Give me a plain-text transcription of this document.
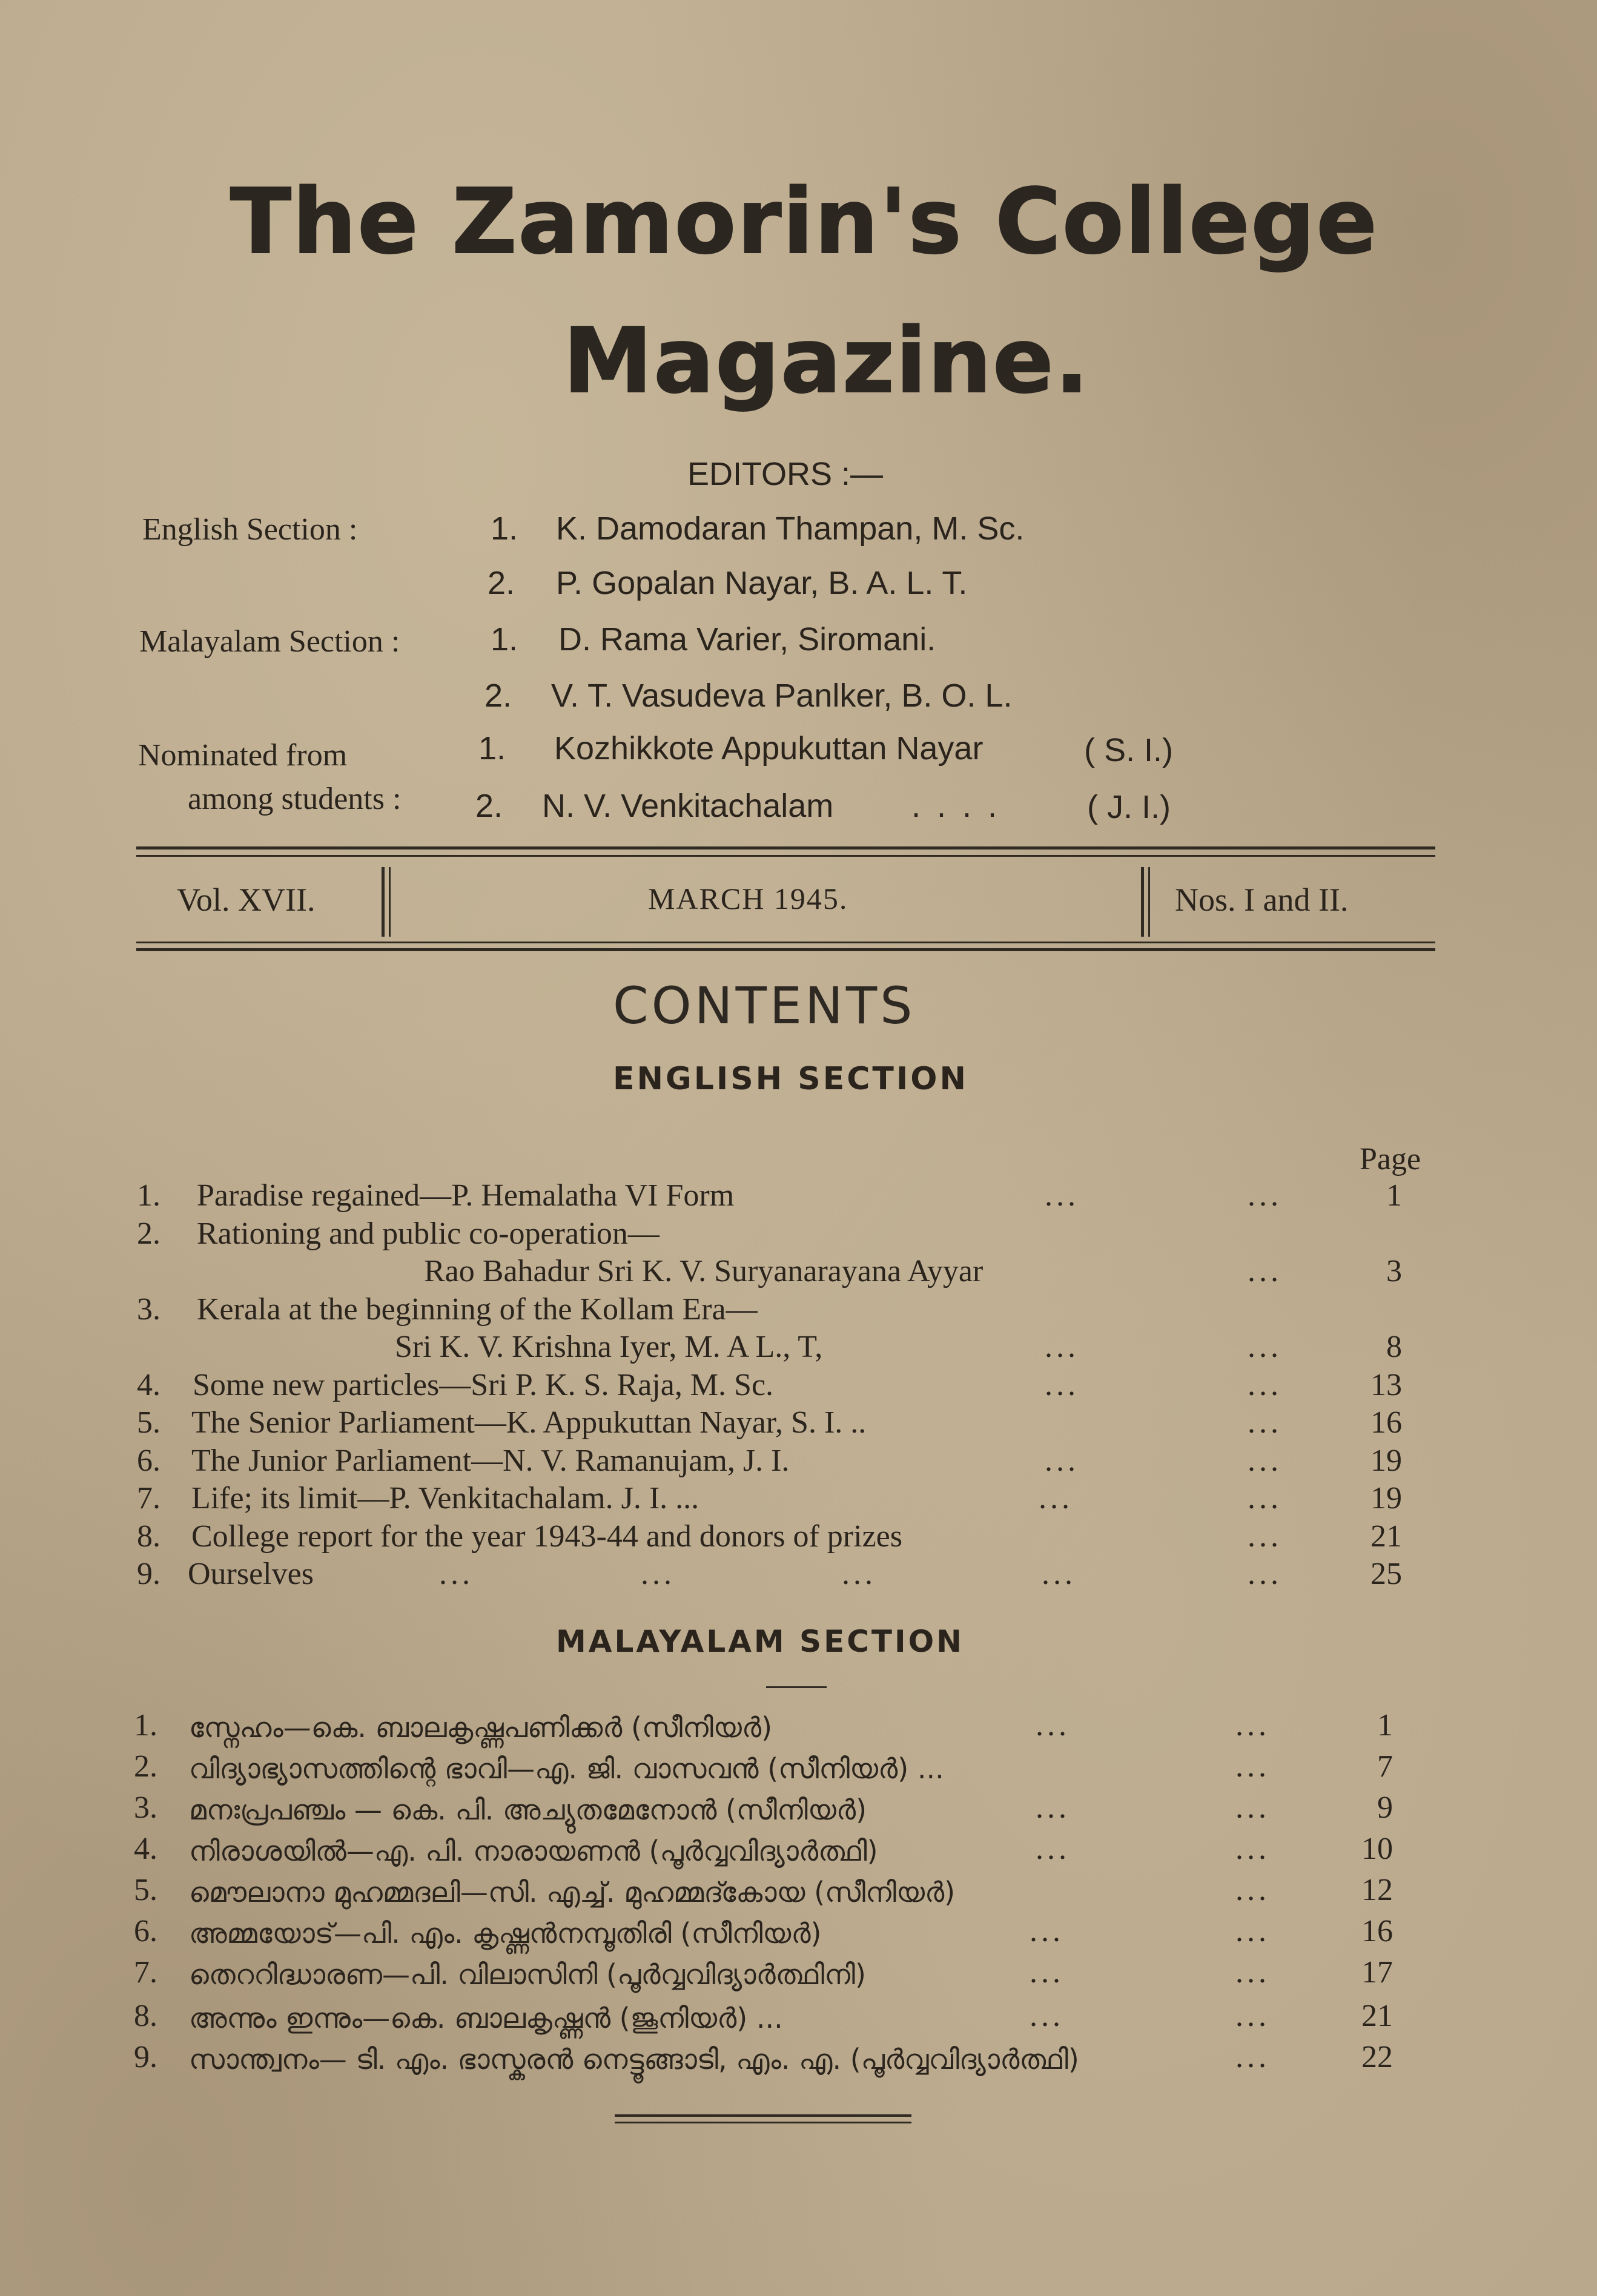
The Zamorin's College
Magazine.
EDITORS :—
English Section :	1. K. Damodaran Thampan, M. Sc.
2. P. Gopalan Nayar, B. A. L. T.
Malayalam Section :	1. D. Rama Varier, Siromani.
2. V. T. Vasudeva Panlker, B. O. L.
Nominated from
among students :
1. Kozhikkote Appukuttan Nayar	( S. I.)
2. N. V. Venkitachalam . . . .	( J. I.)
Vol. XVII.	MARCH 1945.	Nos. I and II.
CONTENTS
ENGLISH SECTION
Page
1. Paradise regained—P. Hemalatha VI Form	...	...	1
2. Rationing and public co-operation—
Rao Bahadur Sri K. V. Suryanarayana Ayyar	...	3
3. Kerala at the beginning of the Kollam Era—
Sri K. V. Krishna Iyer, M. A L., T,	...	...	8
4. Some new particles—Sri P. K. S. Raja, M. Sc.	...	...	13
5. The Senior Parliament—K. Appukuttan Nayar, S. I. ..	...	16
6. The Junior Parliament—N. V. Ramanujam, J. I.	...	...	19
7. Life; its limit—P. Venkitachalam. J. I. ...	...	...	19
8. College report for the year 1943-44 and donors of prizes	...	21
9. Ourselves	...	...	...	...	...	25
MALAYALAM SECTION
1. സ്നേഹം—കെ. ബാലകൃഷ്ണപണിക്കർ (സീനിയർ)	...	...	1
2. വിദ്യാഭ്യാസത്തിന്റെ ഭാവി—എ. ജി. വാസവൻ (സീനിയർ) ...	...	7
3. മനഃപ്രപഞ്ചം — കെ. പി. അച്യുതമേനോൻ (സീനിയർ)	...	...	9
4. നിരാശയിൽ—എ. പി. നാരായണൻ (പൂർവ്വവിദ്യാർത്ഥി)	...	...	10
5. മൌലാനാ മുഹമ്മദലി—സി. എച്ച്. മുഹമ്മദ്കോയ (സീനിയർ)	...	12
6. അമ്മയോട്—പി. എം. കൃഷ്ണൻനമ്പൂതിരി (സീനിയർ)	...	...	16
7. തെററിദ്ധാരണ—പി. വിലാസിനി (പൂർവ്വവിദ്യാർത്ഥിനി)	...	...	17
8. അന്നും ഇന്നും—കെ. ബാലകൃഷ്ണൻ (ജൂനിയർ) ...	...	...	21
9. സാന്ത്വനം— ടി. എം. ഭാസ്കരൻ നെട്ടൂങ്ങാടി, എം. എ. (പൂർവ്വവിദ്യാർത്ഥി)	...	22
